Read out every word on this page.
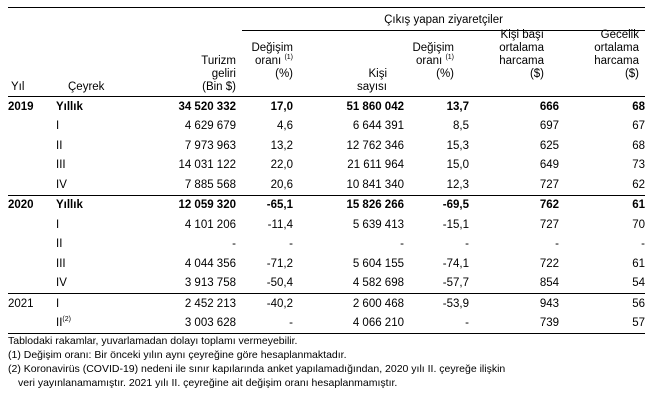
Çıkış yapan ziyaretçiler
Yıl	Çeyrek
Turizm
geliri
(Bin $)
Değişim
oranı $^{(1)}$
(%)	Kişi
sayısı
Değişim
oranı $^{(1)}$
(%)
Kişi başı
ortalama
harcama
($)
Gecelik
ortalama
harcama
($)
2019	Yıllık	34 520 332	17,0	51 860 042	13,7	666	68
	I	4 629 679	4,6	6 644 391	8,5	697	67
	II	7 973 963	13,2	12 762 346	15,3	625	68
	III	14 031 122	22,0	21 611 964	15,0	649	73
	IV	7 885 568	20,6	10 841 340	12,3	727	62
2020	Yıllık	12 059 320	-65,1	15 826 266	-69,5	762	61
	I	4 101 206	-11,4	5 639 413	-15,1	727	70
	II	-	-	-	-	-	-
	III	4 044 356	-71,2	5 604 155	-74,1	722	61
	IV	3 913 758	-50,4	4 582 698	-57,7	854	54
2021	I	2 452 213	-40,2	2 600 468	-53,9	943	56
	II$^{(2)}$	3 003 628	-	4 066 210	-	739	57

Tablodaki rakamlar, yuvarlamadan dolayı toplamı vermeyebilir.

(1) Değişim oranı: Bir önceki yılın aynı çeyreğine göre hesaplanmaktadır.

(2) Koronavirüs (COVID-19) nedeni ile sınır kapılarında anket yapılamadığından, 2020 yılı II. çeyreğe ilişkin

veri yayınlanamamıştır. 2021 yılı II. çeyreğine ait değişim oranı hesaplanmamıştır.
